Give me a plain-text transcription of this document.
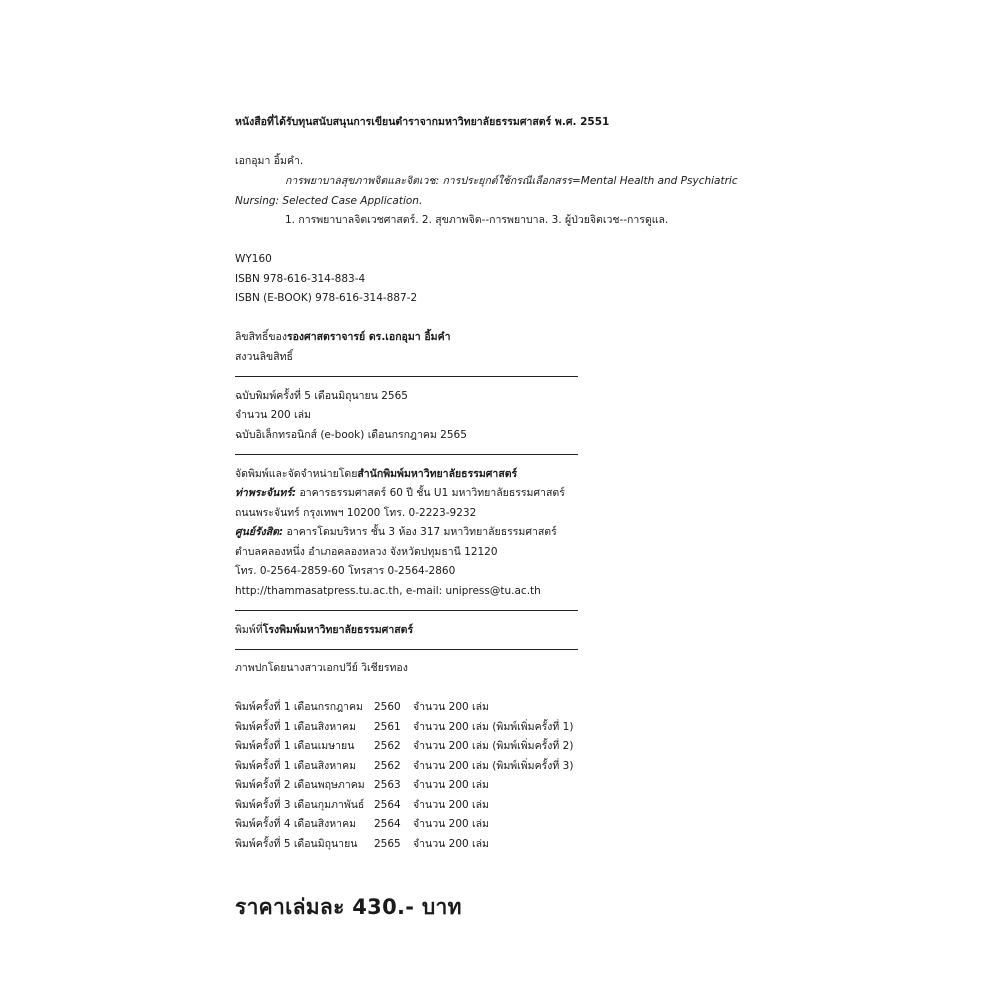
หนังสือที่ได้รับทุนสนับสนุนการเขียนตำราจากมหาวิทยาลัยธรรมศาสตร์ พ.ศ. 2551
เอกอุมา อิ้มคำ.
การพยาบาลสุขภาพจิตและจิตเวช: การประยุกต์ใช้กรณีเลือกสรร=Mental Health and Psychiatric Nursing: Selected Case Application.
1. การพยาบาลจิตเวชศาสตร์. 2. สุขภาพจิต--การพยาบาล. 3. ผู้ป่วยจิตเวช--การดูแล.
WY160
ISBN 978-616-314-883-4
ISBN (E-BOOK) 978-616-314-887-2
ลิขสิทธิ์ของรองศาสตราจารย์ ดร.เอกอุมา อิ้มคำ
สงวนลิขสิทธิ์
ฉบับพิมพ์ครั้งที่ 5 เดือนมิถุนายน 2565
จำนวน 200 เล่ม
ฉบับอิเล็กทรอนิกส์ (e-book) เดือนกรกฎาคม 2565
จัดพิมพ์และจัดจำหน่ายโดยสำนักพิมพ์มหาวิทยาลัยธรรมศาสตร์
ท่าพระจันทร์: อาคารธรรมศาสตร์ 60 ปี ชั้น U1 มหาวิทยาลัยธรรมศาสตร์
ถนนพระจันทร์ กรุงเทพฯ 10200 โทร. 0-2223-9232
ศูนย์รังสิต: อาคารโดมบริหาร ชั้น 3 ห้อง 317 มหาวิทยาลัยธรรมศาสตร์
ตำบลคลองหนึ่ง อำเภอคลองหลวง จังหวัดปทุมธานี 12120
โทร. 0-2564-2859-60 โทรสาร 0-2564-2860
http://thammasatpress.tu.ac.th, e-mail: unipress@tu.ac.th
พิมพ์ที่โรงพิมพ์มหาวิทยาลัยธรรมศาสตร์
ภาพปกโดยนางสาวเอกปวีย์ วิเชียรทอง
พิมพ์ครั้งที่ 1 เดือนกรกฎาคม	2560	จำนวน 200 เล่ม
พิมพ์ครั้งที่ 1 เดือนสิงหาคม	2561	จำนวน 200 เล่ม (พิมพ์เพิ่มครั้งที่ 1)
พิมพ์ครั้งที่ 1 เดือนเมษายน	2562	จำนวน 200 เล่ม (พิมพ์เพิ่มครั้งที่ 2)
พิมพ์ครั้งที่ 1 เดือนสิงหาคม	2562	จำนวน 200 เล่ม (พิมพ์เพิ่มครั้งที่ 3)
พิมพ์ครั้งที่ 2 เดือนพฤษภาคม	2563	จำนวน 200 เล่ม
พิมพ์ครั้งที่ 3 เดือนกุมภาพันธ์	2564	จำนวน 200 เล่ม
พิมพ์ครั้งที่ 4 เดือนสิงหาคม	2564	จำนวน 200 เล่ม
พิมพ์ครั้งที่ 5 เดือนมิถุนายน	2565	จำนวน 200 เล่ม
ราคาเล่มละ 430.- บาท
